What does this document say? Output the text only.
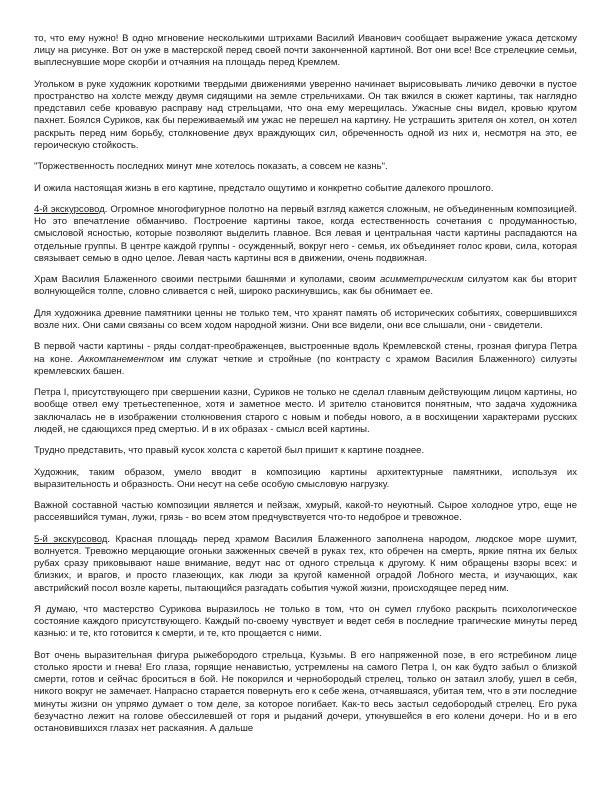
то, что ему нужно! В одно мгновение несколькими штрихами Василий Иванович сообщает выражение ужаса детскому лицу на рисунке. Вот он уже в мастерской перед своей почти законченной картиной. Вот они все! Все стрелецкие семьи, выплеснувшие море скорби и отчаяния на площадь перед Кремлем.

Угольком в руке художник короткими твердыми движениями уверенно начинает вырисовывать личико девочки в пустое пространство на холсте между двумя сидящими на земле стрельчихами. Он так вжился в сюжет картины, так наглядно представил себе кровавую расправу над стрельцами, что она ему мерещилась. Ужасные сны видел, кровью кругом пахнет. Боялся Суриков, как бы переживаемый им ужас не перешел на картину. Не устрашить зрителя он хотел, он хотел раскрыть перед ним борьбу, столкновение двух враждующих сил, обреченность одной из них и, несмотря на это, ее героическую стойкость.

"Торжественность последних минут мне хотелось показать, а совсем не казнь".

И ожила настоящая жизнь в его картине, предстало ощутимо и конкретно событие далекого прошлого.

4-й экскурсовод. Огромное многофигурное полотно на первый взгляд кажется сложным, не объединенным композицией. Но это впечатление обманчиво. Построение картины такое, когда естественность сочетания с продуманностью, смысловой ясностью, которые позволяют выделить главное. Вся левая и центральная части картины распадаются на отдельные группы. В центре каждой группы - осужденный, вокруг него - семья, их объединяет голос крови, сила, которая связывает семью в одно целое. Левая часть картины вся в движении, очень подвижная.

Храм Василия Блаженного своими пестрыми башнями и куполами, своим асимметрическим силуэтом как бы вторит волнующейся толпе, словно сливается с ней, широко раскинувшись, как бы обнимает ее.

Для художника древние памятники ценны не только тем, что хранят память об исторических событиях, совершившихся возле них. Они сами связаны со всем ходом народной жизни. Они все видели, они все слышали, они - свидетели.

В первой части картины - ряды солдат-преображенцев, выстроенные вдоль Кремлевской стены, грозная фигура Петра на коне. Аккомпанементом им служат четкие и стройные (по контрасту с храмом Василия Блаженного) силуэты кремлевских башен.

Петра I, присутствующего при свершении казни, Суриков не только не сделал главным действующим лицом картины, но вообще отвел ему третьестепенное, хотя и заметное место. И зрителю становится понятным, что задача художника заключалась не в изображении столкновения старого с новым и победы нового, а в восхищении характерами русских людей, не сдающихся пред смертью. И в их образах - смысл всей картины.

Трудно представить, что правый кусок холста с каретой был пришит к картине позднее.

Художник, таким образом, умело вводит в композицию картины архитектурные памятники, используя их выразительность и образность. Они несут на себе особую смысловую нагрузку.

Важной составной частью композиции является и пейзаж, хмурый, какой-то неуютный. Сырое холодное утро, еще не рассеявшийся туман, лужи, грязь - во всем этом предчувствуется что-то недоброе и тревожное.

5-й экскурсовод. Красная площадь перед храмом Василия Блаженного заполнена народом, людское море шумит, волнуется. Тревожно мерцающие огоньки зажженных свечей в руках тех, кто обречен на смерть, яркие пятна их белых рубах сразу приковывают наше внимание, ведут нас от одного стрельца к другому. К ним обращены взоры всех: и близких, и врагов, и просто глазеющих, как люди за кругой каменной оградой Лобного места, и изучающих, как австрийский посол возле кареты, пытающийся разгадать события чужой жизни, происходящее перед ним.

Я думаю, что мастерство Сурикова выразилось не только в том, что он сумел глубоко раскрыть психологическое состояние каждого присутствующего. Каждый по-своему чувствует и ведет себя в последние трагические минуты перед казнью: и те, кто готовится к смерти, и те, кто прощается с ними.

Вот очень выразительная фигура рыжебородого стрельца, Кузьмы. В его напряженной позе, в его ястребином лице столько ярости и гнева! Его глаза, горящие ненавистью, устремлены на самого Петра I, он как будто забыл о близкой смерти, готов и сейчас броситься в бой. Не покорился и чернобородый стрелец, только он затаил злобу, ушел в себя, никого вокруг не замечает. Напрасно старается повернуть его к себе жена, отчаявшаяся, убитая тем, что в эти последние минуты жизни он упрямо думает о том деле, за которое погибает. Как-то весь застыл седобородый стрелец. Его рука безучастно лежит на голове обессилевшей от горя и рыданий дочери, уткнувшейся в его колени дочери. Но и в его остановившихся глазах нет раскаяния. А дальше
